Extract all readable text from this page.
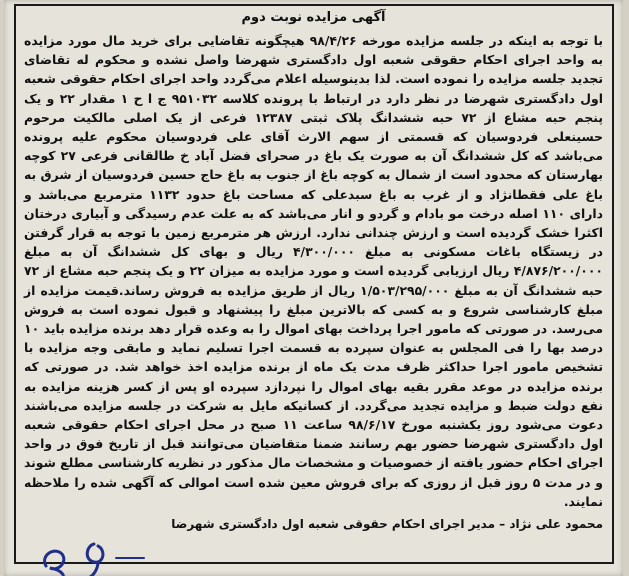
آگهی مزایده نوبت دوم
با توجه به اینکه در جلسه مزایده مورخه ۹۸/۴/۲۶ هیچگونه تقاضایی برای خرید مال مورد مزایده به واحد اجرای احکام حقوقی شعبه اول دادگستری شهرضا واصل نشده و محکوم له تقاضای تجدید جلسه مزایده را نموده است. لذا بدینوسیله اعلام می‌گردد واحد اجرای احکام حقوقی شعبه اول دادگستری شهرضا در نظر دارد در ارتباط با پرونده کلاسه ۹۵۱۰۳۲ ج ا ح ۱ مقدار ۲۲ و یک پنجم حبه مشاع از ۷۲ حبه ششدانگ پلاک ثبتی ۱۲۳۸۷ فرعی از یک اصلی مالکیت مرحوم حسینعلی فردوسیان که قسمتی از سهم الارث آقای علی فردوسیان محکوم علیه پرونده می‌باشد که کل ششدانگ آن به صورت یک باغ در صحرای فضل آباد خ طالقانی فرعی ۲۷ کوچه بهارستان که محدود است از شمال به کوچه باغ از جنوب به باغ حاج حسین فردوسیان از شرق به باغ علی فقطانژاد و از غرب به باغ سبدعلی که مساحت باغ حدود ۱۱۳۲ مترمربع می‌باشد و دارای ۱۱۰ اصله درخت مو بادام و گردو و انار می‌باشد که به علت عدم رسیدگی و آبیاری درختان اکثرا خشک گردیده است و ارزش چندانی ندارد. ارزش هر مترمربع زمین با توجه به قرار گرفتن در زیستگاه باغات مسکونی به مبلغ ۴/۳۰۰/۰۰۰ ریال و بهای کل ششدانگ آن به مبلغ ۴/۸۷۶/۲۰۰/۰۰۰ ریال ارزیابی گردیده است و مورد مزایده به میزان ۲۲ و یک پنجم حبه مشاع از ۷۲ حبه ششدانگ آن به مبلغ ۱/۵۰۳/۲۹۵/۰۰۰ ریال از طریق مزایده به فروش رساند.قیمت مزایده از مبلغ کارشناسی شروع و به کسی که بالاترین مبلغ را پیشنهاد و قبول نموده است به فروش می‌رسد. در صورتی که مامور اجرا پرداخت بهای اموال را به وعده قرار دهد برنده مزایده باید ۱۰ درصد بها را فی المجلس به عنوان سپرده به قسمت اجرا تسلیم نماید و مابقی وجه مزایده با تشخیص مامور اجرا حداکثر ظرف مدت یک ماه از برنده مزایده اخذ خواهد شد. در صورتی که برنده مزایده در موعد مقرر بقیه بهای اموال را نپردازد سپرده او پس از کسر هزینه مزایده به نفع دولت ضبط و مزایده تجدید می‌گردد. از کسانیکه مایل به شرکت در جلسه مزایده می‌باشند دعوت می‌شود روز یکشنبه مورخ ۹۸/۶/۱۷ ساعت ۱۱ صبح در محل اجرای احکام حقوقی شعبه اول دادگستری شهرضا حضور بهم رسانند ضمنا متقاضیان می‌توانند قبل از تاریخ فوق در واحد اجرای احکام حضور یافته از خصوصیات و مشخصات مال مذکور در نظریه کارشناسی مطلع شوند و در مدت ۵ روز قبل از روزی که برای فروش معین شده است اموالی که آگهی شده را ملاحظه نمایند.
محمود علی نژاد – مدیر اجرای احکام حقوقی شعبه اول دادگستری شهرضا
